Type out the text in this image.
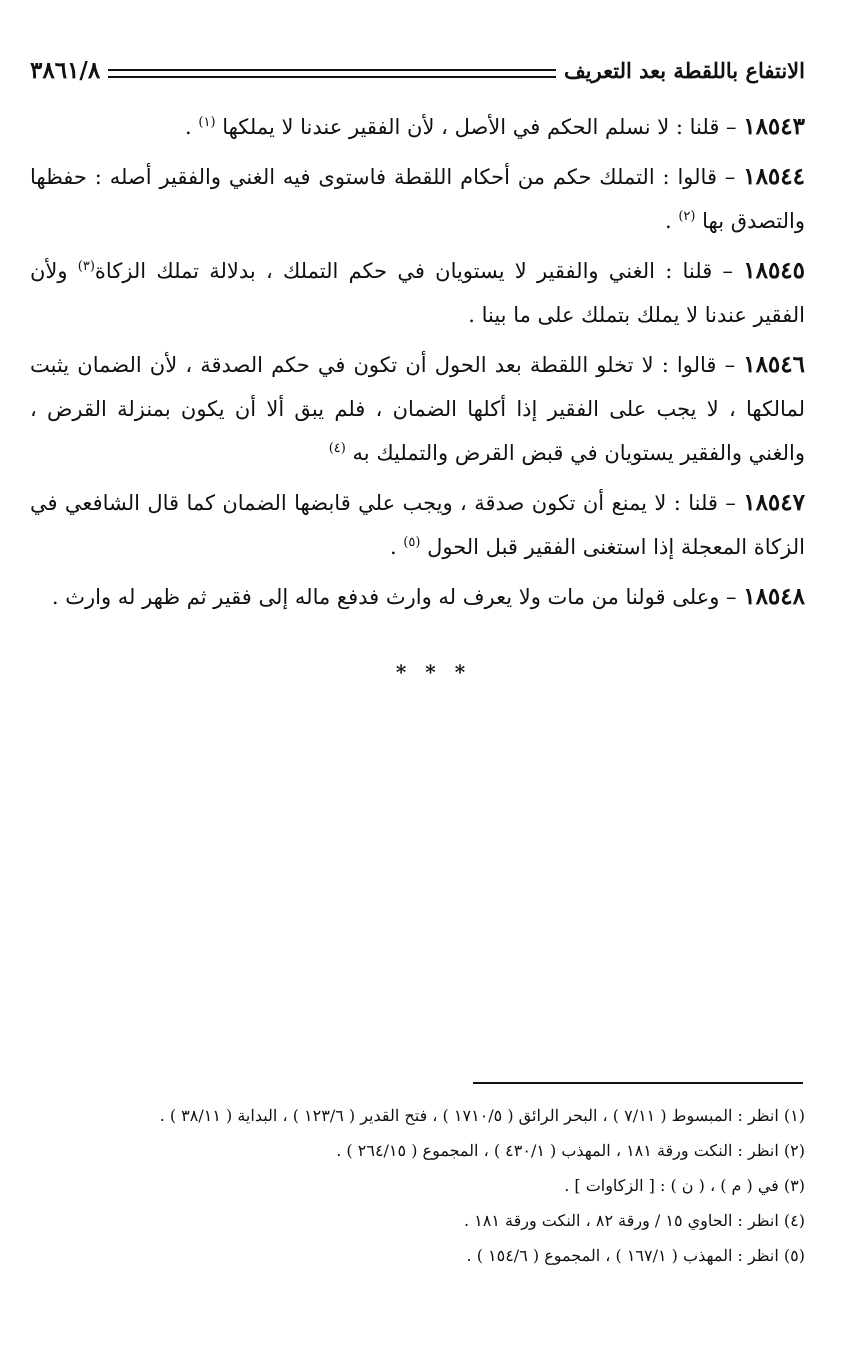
الانتفاع باللقطة بعد التعريف
٣٨٦١/٨

١٨٥٤٣ – قلنا : لا نسلم الحكم في الأصل ، لأن الفقير عندنا لا يملكها $^{(١)}$ .

١٨٥٤٤ – قالوا : التملك حكم من أحكام اللقطة فاستوى فيه الغني والفقير أصله : حفظها والتصدق بها $^{(٢)}$ .

١٨٥٤٥ – قلنا : الغني والفقير لا يستويان في حكم التملك ، بدلالة تملك الزكاة$^{(٣)}$ ولأن الفقير عندنا لا يملك بتملك على ما بينا .

١٨٥٤٦ – قالوا : لا تخلو اللقطة بعد الحول أن تكون في حكم الصدقة ، لأن الضمان يثبت لمالكها ، لا يجب على الفقير إذا أكلها الضمان ، فلم يبق ألا أن يكون بمنزلة القرض ، والغني والفقير يستويان في قبض القرض والتمليك به $^{(٤)}$

١٨٥٤٧ – قلنا : لا يمنع أن تكون صدقة ، ويجب علي قابضها الضمان كما قال الشافعي في الزكاة المعجلة إذا استغنى الفقير قبل الحول $^{(٥)}$ .

١٨٥٤٨ – وعلى قولنا من مات ولا يعرف له وارث فدفع ماله إلى فقير ثم ظهر له وارث .

* * *
(١) انظر : المبسوط ( ٧/١١ ) ، البحر الرائق ( ١٧١٠/٥ ) ، فتح القدير ( ١٢٣/٦ ) ، البداية ( ٣٨/١١ ) .
(٢) انظر : النكت ورقة ١٨١ ، المهذب ( ٤٣٠/١ ) ، المجموع ( ٢٦٤/١٥ ) .
(٣) في ( م ) ، ( ن ) : [ الزكاوات ] .
(٤) انظر : الحاوي ١٥ / ورقة ٨٢ ، النكت ورقة ١٨١ .
(٥) انظر : المهذب ( ١٦٧/١ ) ، المجموع ( ١٥٤/٦ ) .
